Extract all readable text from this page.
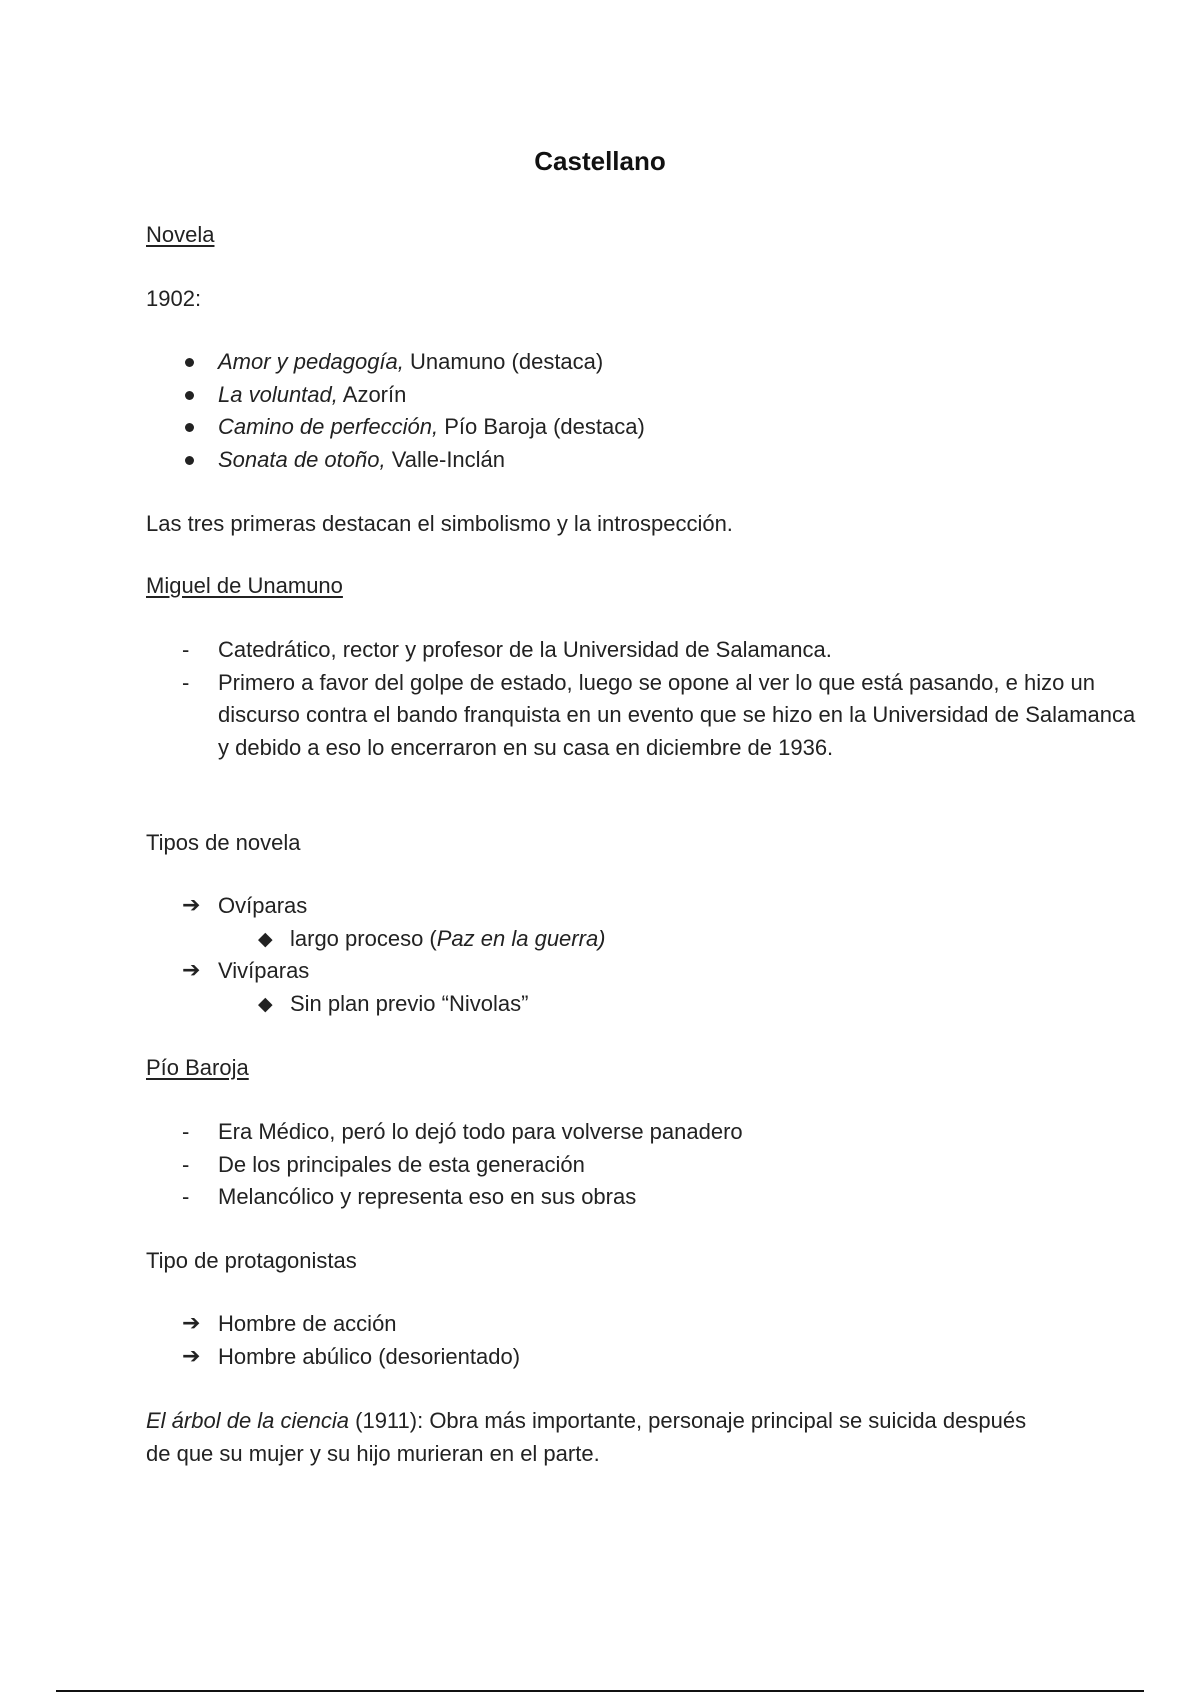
Castellano
Novela
1902:
Amor y pedagogía, Unamuno (destaca)
La voluntad, Azorín
Camino de perfección, Pío Baroja (destaca)
Sonata de otoño, Valle-Inclán
Las tres primeras destacan el simbolismo y la introspección.
Miguel de Unamuno
- Catedrático, rector y profesor de la Universidad de Salamanca.
- Primero a favor del golpe de estado, luego se opone al ver lo que está pasando, e hizo un discurso contra el bando franquista en un evento que se hizo en la Universidad de Salamanca y debido a eso lo encerraron en su casa en diciembre de 1936.
Tipos de novela
➔ Ovíparas
◆ largo proceso (Paz en la guerra)
➔ Vivíparas
◆ Sin plan previo “Nivolas”
Pío Baroja
- Era Médico, peró lo dejó todo para volverse panadero
- De los principales de esta generación
- Melancólico y representa eso en sus obras
Tipo de protagonistas
➔ Hombre de acción
➔ Hombre abúlico (desorientado)
El árbol de la ciencia (1911): Obra más importante, personaje principal se suicida después de que su mujer y su hijo murieran en el parte.
